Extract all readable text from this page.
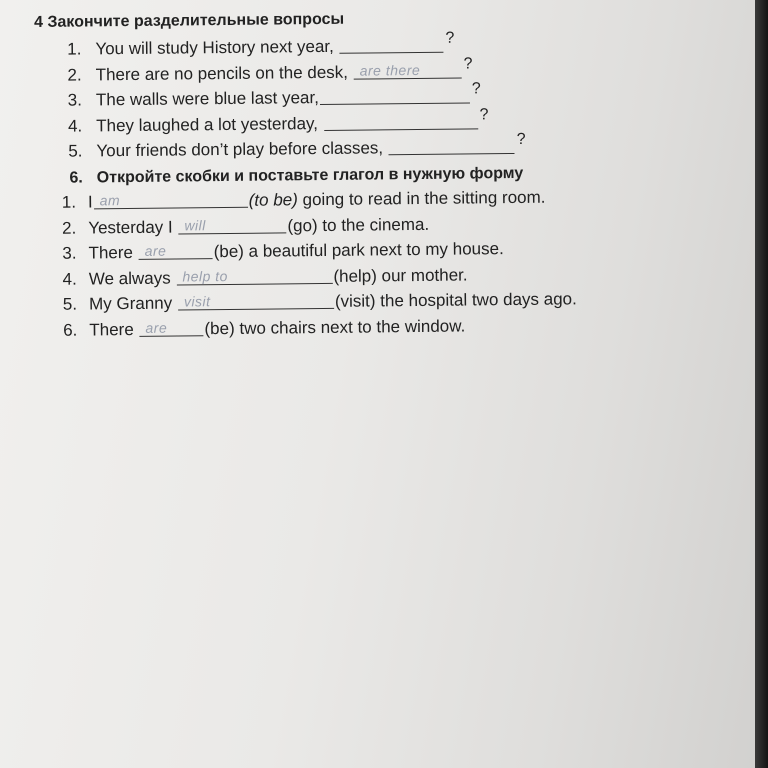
4 Закончите разделительные вопросы
1. You will study History next year,	?
2. There are no pencils on the desk, are there	?
3. The walls were blue last year,	?
4. They laughed a lot yesterday,	?
5. Your friends don’t play before classes,	?
6. Откройте скобки и поставьте глагол в нужную форму
1. I am	(to be) going to read in the sitting room.
2. Yesterday I will	(go) to the cinema.
3. There are	(be) a beautiful park next to my house.
4. We always help to	(help) our mother.
5. My Granny visit	(visit) the hospital two days ago.
6. There are (be) two chairs next to the window.
